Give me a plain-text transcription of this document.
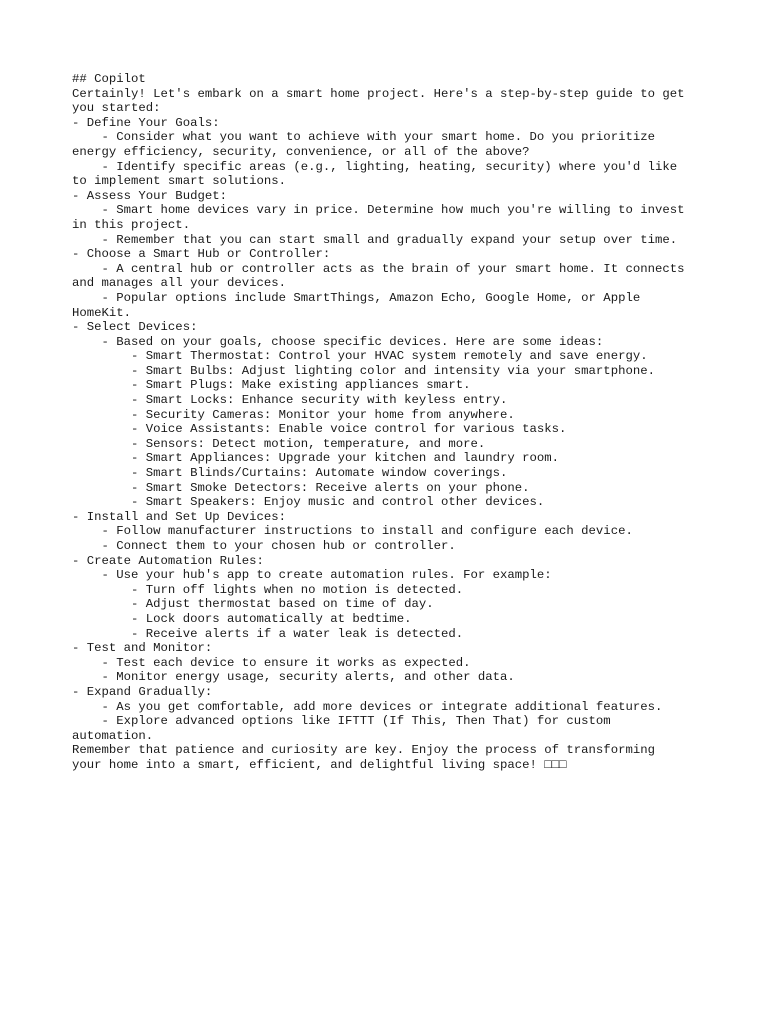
## Copilot
Certainly! Let's embark on a smart home project. Here's a step-by-step guide to get
you started:
- Define Your Goals:
- Consider what you want to achieve with your smart home. Do you prioritize
energy efficiency, security, convenience, or all of the above?
- Identify specific areas (e.g., lighting, heating, security) where you'd like
to implement smart solutions.
- Assess Your Budget:
- Smart home devices vary in price. Determine how much you're willing to invest
in this project.
- Remember that you can start small and gradually expand your setup over time.
- Choose a Smart Hub or Controller:
- A central hub or controller acts as the brain of your smart home. It connects
and manages all your devices.
- Popular options include SmartThings, Amazon Echo, Google Home, or Apple
HomeKit.
- Select Devices:
- Based on your goals, choose specific devices. Here are some ideas:
- Smart Thermostat: Control your HVAC system remotely and save energy.
- Smart Bulbs: Adjust lighting color and intensity via your smartphone.
- Smart Plugs: Make existing appliances smart.
- Smart Locks: Enhance security with keyless entry.
- Security Cameras: Monitor your home from anywhere.
- Voice Assistants: Enable voice control for various tasks.
- Sensors: Detect motion, temperature, and more.
- Smart Appliances: Upgrade your kitchen and laundry room.
- Smart Blinds/Curtains: Automate window coverings.
- Smart Smoke Detectors: Receive alerts on your phone.
- Smart Speakers: Enjoy music and control other devices.
- Install and Set Up Devices:
- Follow manufacturer instructions to install and configure each device.
- Connect them to your chosen hub or controller.
- Create Automation Rules:
- Use your hub's app to create automation rules. For example:
- Turn off lights when no motion is detected.
- Adjust thermostat based on time of day.
- Lock doors automatically at bedtime.
- Receive alerts if a water leak is detected.
- Test and Monitor:
- Test each device to ensure it works as expected.
- Monitor energy usage, security alerts, and other data.
- Expand Gradually:
- As you get comfortable, add more devices or integrate additional features.
- Explore advanced options like IFTTT (If This, Then That) for custom
automation.
Remember that patience and curiosity are key. Enjoy the process of transforming
your home into a smart, efficient, and delightful living space! □□□
